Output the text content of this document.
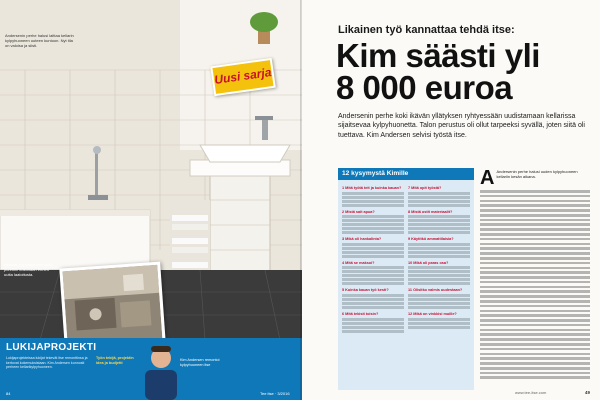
Andersenin perhe halusi laittaa kellarin kylpyhuoneen uuteen kuntoon. Nyt tila on valoisa ja siisti.
Kellarin kylpyhuoneen lattia purettiin kokonaan ennen uutta laatoitusta.
Uusi sarja
LUKIJAPROJEKTI
Lukijaprojekteissa lukijat tekevät itse remonttinsa ja kertovat kokemuksistaan. Kim Andersen kunnosti perheen kellarikylpyhuoneen.
Työn tekijä, projektin idea ja budjetti
Kim Andersen remontoi kylpyhuoneen itse
84	Tee itse · 3/2016
Likainen työ kannattaa tehdä itse:
Kim säästi yli
8 000 euroa
Andersenin perhe koki ikävän yllätyksen ryhtyessään uudistamaan kellarissa sijaitsevaa kylpyhuonetta. Talon perustus oli ollut tarpeeksi syvällä, joten siitä oli tuettava. Kim Andersen selvisi työstä itse.
12 kysymystä Kimille
1 Mitä työtä teit ja kuinka kauan?
2 Mistä sait apua?
3 Mikä oli hankalinta?
4 Mitä se maksoi?
5 Kuinka kauan työ kesti?
6 Mitä tekisit toisin?
7 Mitä opit työstä?
8 Mistä ostit materiaalit?
9 Käytitkö ammattilaisia?
10 Mikä oli paras osa?
11 Olisitko valmis uudestaan?
12 Mikä on vinkkisi muille?
A Andersenin perhe halusi uuden kylpyhuoneen kellariin kesän aikana.
www.tee-itse.com	49
